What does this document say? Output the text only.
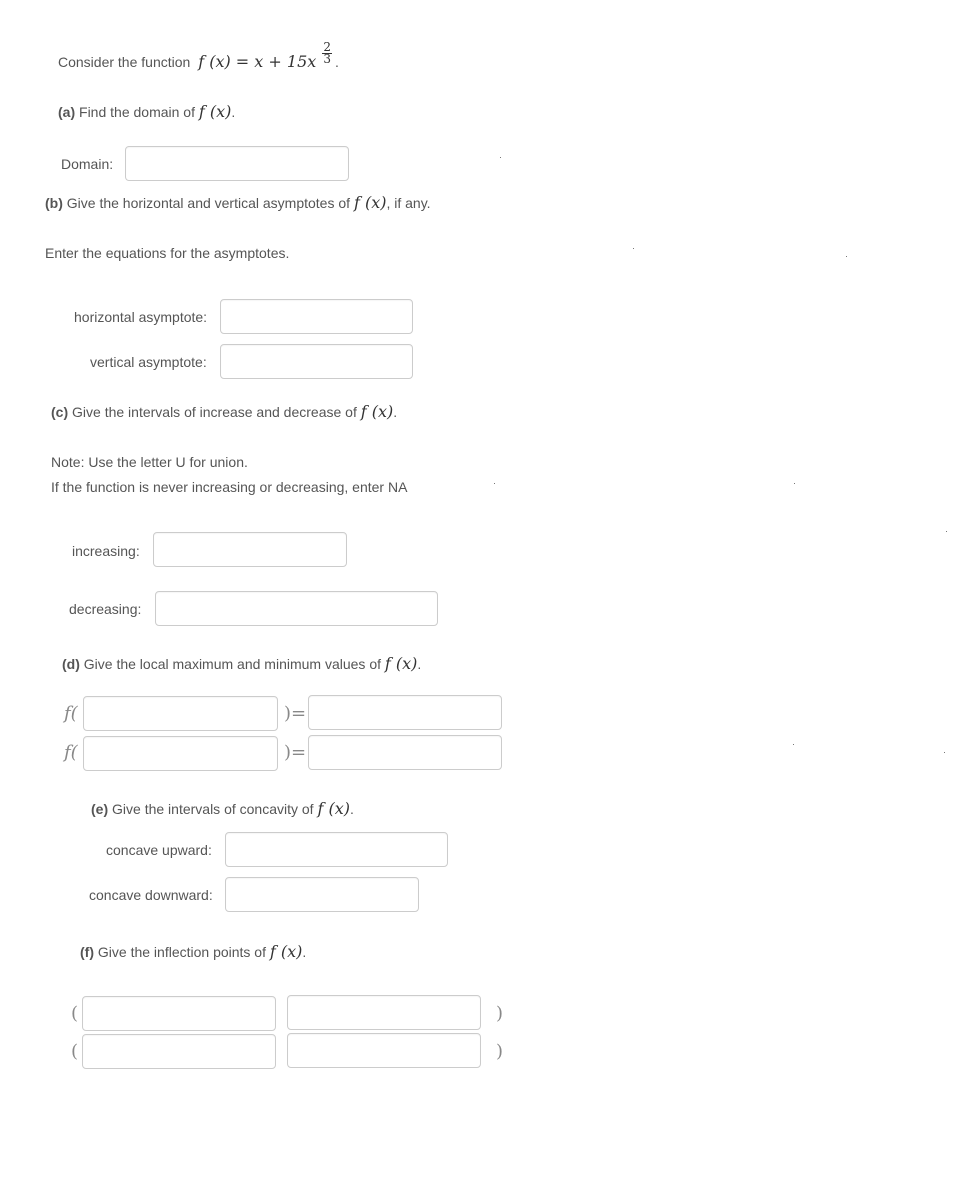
Consider the function f $(x) = x + 15x \frac{2}{3}$ .
(a) Find the domain of f (x).
Domain:
(b) Give the horizontal and vertical asymptotes of f (x), if any.
Enter the equations for the asymptotes.
horizontal asymptote:
vertical asymptote:
(c) Give the intervals of increase and decrease of f (x).
Note: Use the letter U for union.
If the function is never increasing or decreasing, enter NA
increasing:
decreasing:
(d) Give the local maximum and minimum values of f (x).
f(	)=
f(	)=
(e) Give the intervals of concavity of f (x).
concave upward:
concave downward:
(f) Give the inflection points of f (x).
(	)
(	)
